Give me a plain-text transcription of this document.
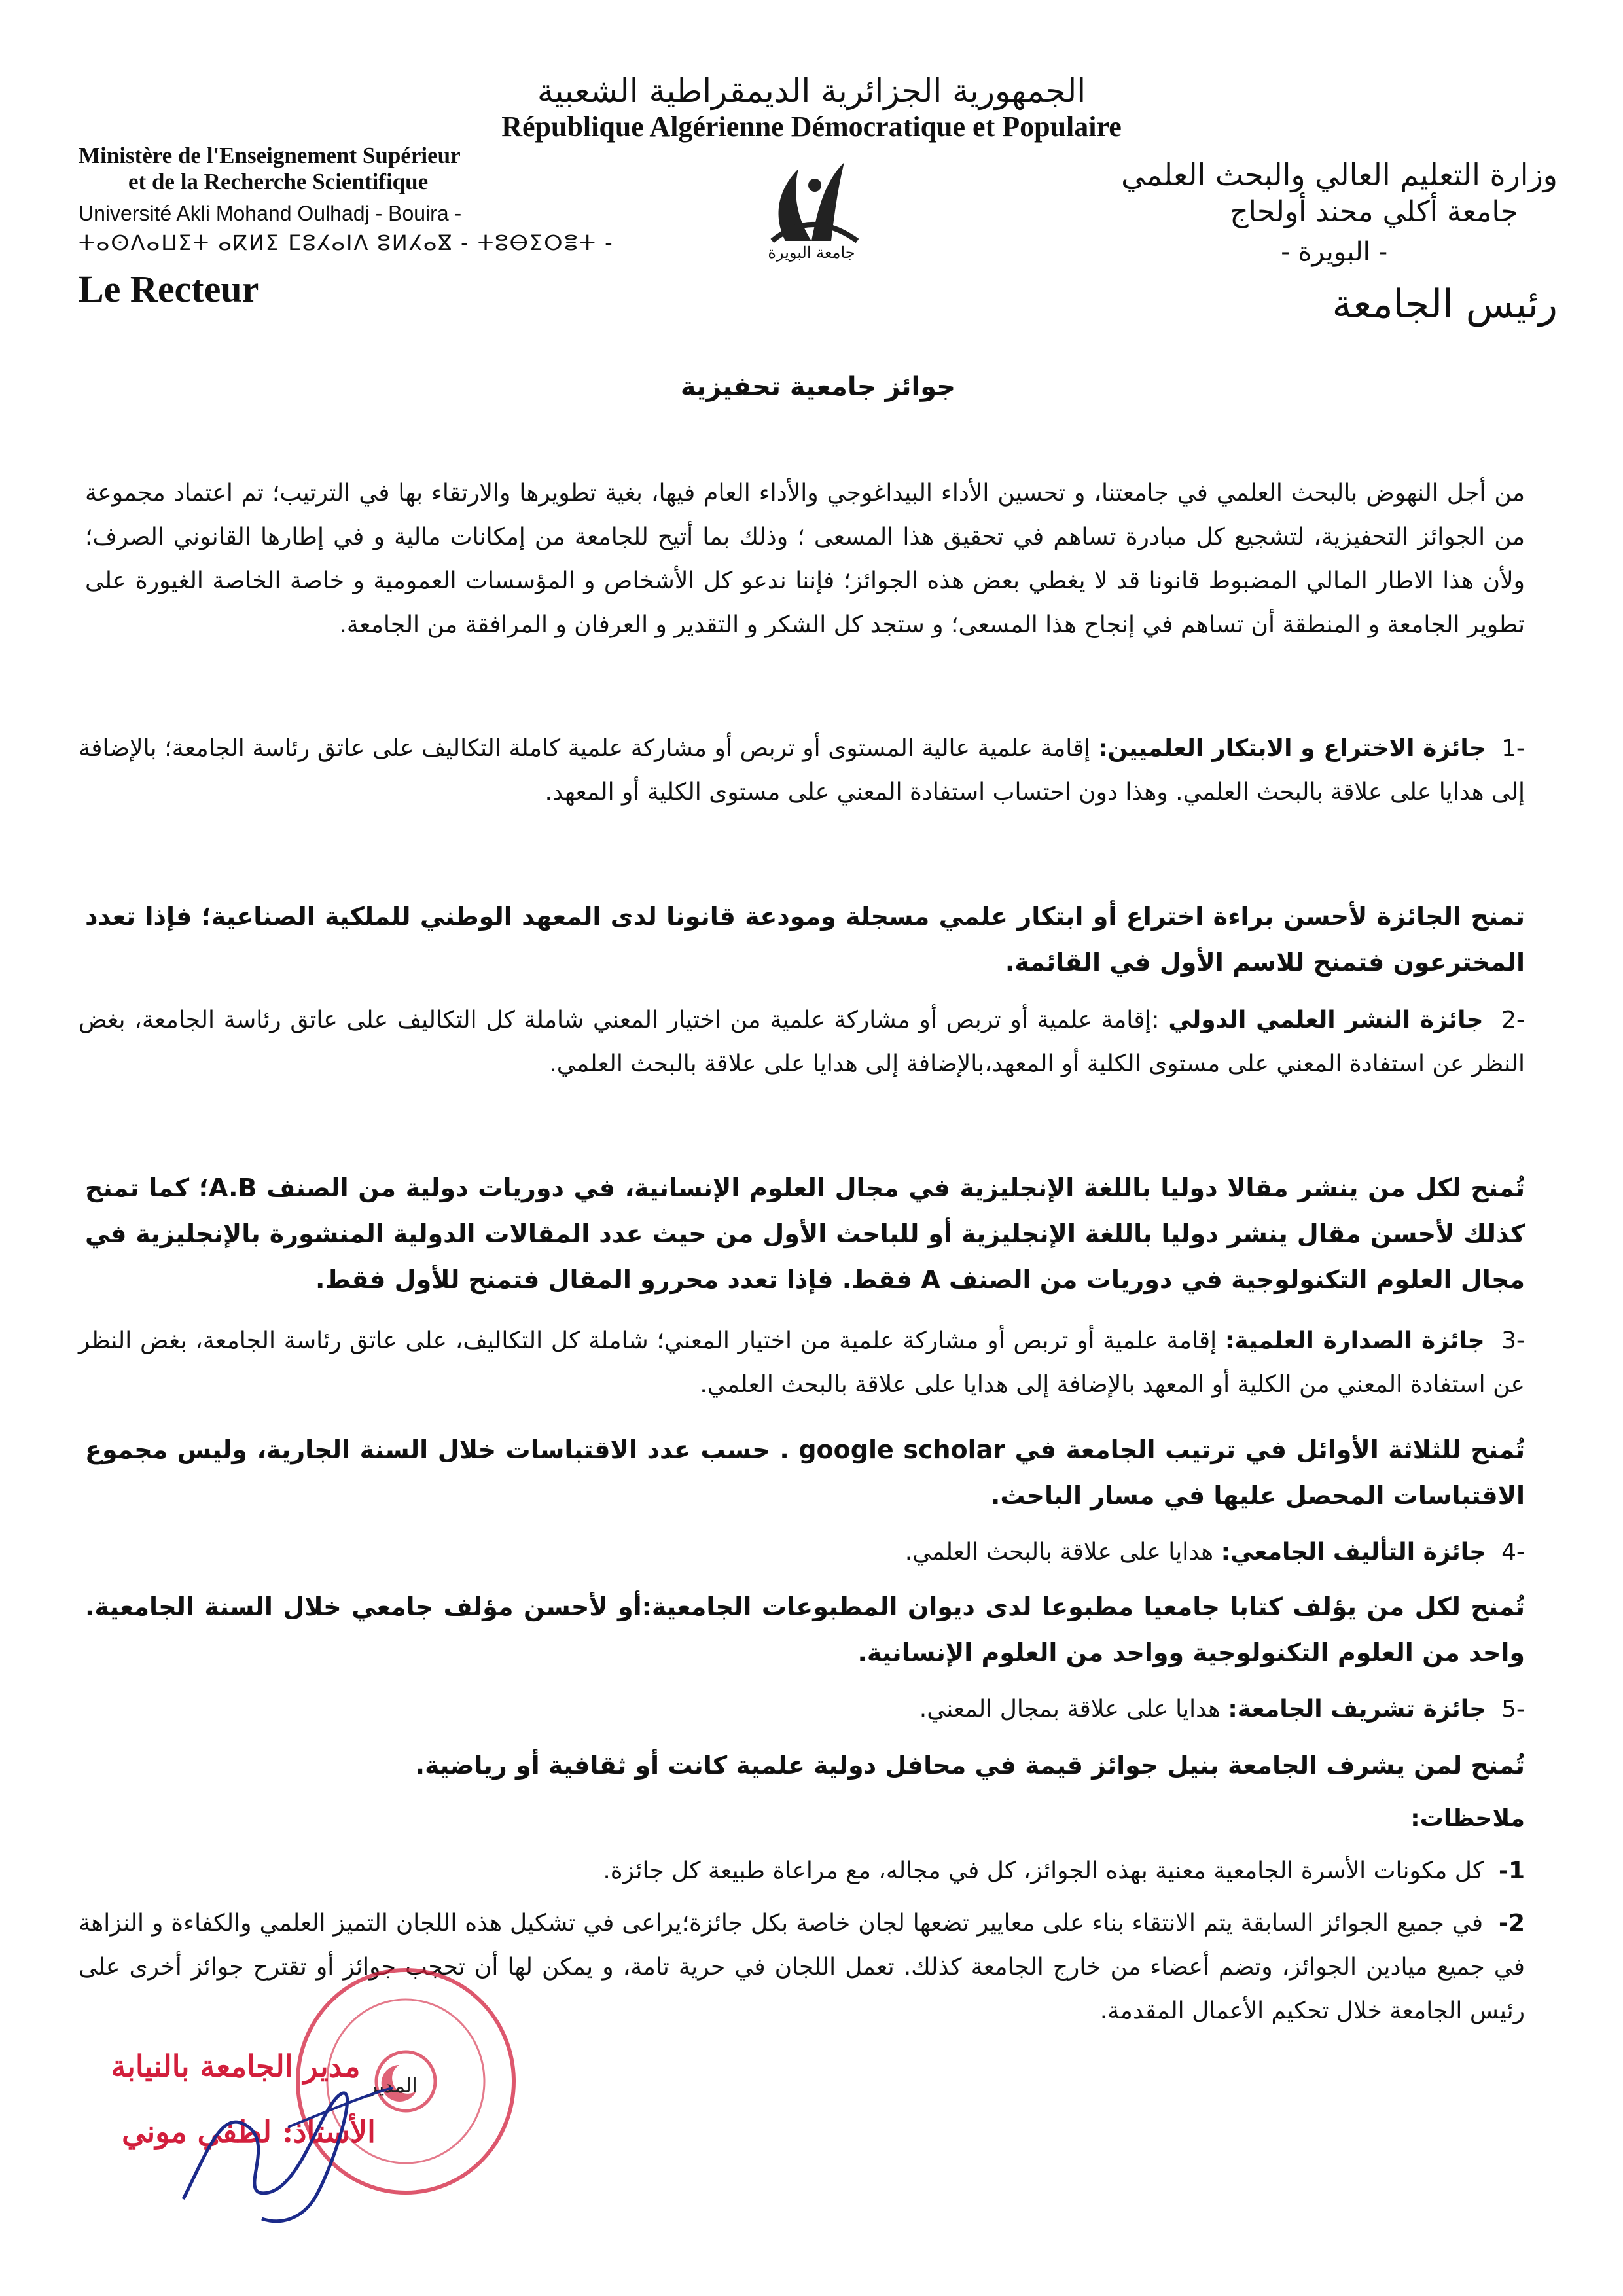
الجمهورية الجزائرية الديمقراطية الشعبية
République Algérienne Démocratique et Populaire
Ministère de l'Enseignement Supérieur
et de la Recherche Scientifique
Université Akli Mohand Oulhadj - Bouira -
ⵜⴰⵙⴷⴰⵡⵉⵜ ⴰⴽⵍⵉ ⵎⵓⵃⴰⵏⴷ ⵓⵍⵃⴰⴵ - ⵜⵓⴱⵉⵔⴻⵜ -
Le Recteur
جامعة البويرة
وزارة التعليم العالي والبحث العلمي
جامعة أكلي محند أولحاج
- البويرة -
رئيس الجامعة
جوائز جامعية تحفيزية
من أجل النهوض بالبحث العلمي في جامعتنا، و تحسين الأداء البيداغوجي والأداء العام فيها، بغية تطويرها والارتقاء بها في الترتيب؛ تم اعتماد مجموعة من الجوائز التحفيزية، لتشجيع كل مبادرة تساهم في تحقيق هذا المسعى ؛ وذلك بما أتيح للجامعة من إمكانات مالية و في إطارها القانوني الصرف؛ ولأن هذا الاطار المالي المضبوط قانونا قد لا يغطي بعض هذه الجوائز؛ فإننا ندعو كل الأشخاص و المؤسسات العمومية و خاصة الخاصة الغيورة على تطوير الجامعة و المنطقة أن تساهم في إنجاح هذا المسعى؛ و ستجد كل الشكر و التقدير و العرفان و المرافقة من الجامعة.
-1  جائزة الاختراع و الابتكار العلميين: إقامة علمية عالية المستوى أو تربص أو مشاركة علمية كاملة التكاليف على عاتق رئاسة الجامعة؛ بالإضافة إلى هدايا على علاقة بالبحث العلمي. وهذا دون احتساب استفادة المعني على مستوى الكلية أو المعهد.
تمنح الجائزة لأحسن براءة اختراع أو ابتكار علمي مسجلة ومودعة قانونا لدى المعهد الوطني للملكية الصناعية؛ فإذا تعدد المخترعون فتمنح للاسم الأول في القائمة.
-2  جائزة النشر العلمي الدولي :إقامة علمية أو تربص أو مشاركة علمية من اختيار المعني شاملة كل التكاليف على عاتق رئاسة الجامعة، بغض النظر عن استفادة المعني على مستوى الكلية أو المعهد،بالإضافة إلى هدايا على علاقة بالبحث العلمي.
تُمنح لكل من ينشر مقالا دوليا باللغة الإنجليزية في مجال العلوم الإنسانية، في دوريات دولية من الصنف A.B؛ كما تمنح كذلك لأحسن مقال ينشر دوليا باللغة الإنجليزية أو للباحث الأول من حيث عدد المقالات الدولية المنشورة بالإنجليزية في مجال العلوم التكنولوجية في دوريات من الصنف A فقط. فإذا تعدد محررو المقال فتمنح للأول فقط.
-3  جائزة الصدارة العلمية: إقامة علمية أو تربص أو مشاركة علمية من اختيار المعني؛ شاملة كل التكاليف، على عاتق رئاسة الجامعة، بغض النظر عن استفادة المعني من الكلية أو المعهد بالإضافة إلى هدايا على علاقة بالبحث العلمي.
تُمنح للثلاثة الأوائل في ترتيب الجامعة في google scholar . حسب عدد الاقتباسات خلال السنة الجارية، وليس مجموع الاقتباسات المحصل عليها في مسار الباحث.
-4  جائزة التأليف الجامعي: هدايا على علاقة بالبحث العلمي.
تُمنح لكل من يؤلف كتابا جامعيا مطبوعا لدى ديوان المطبوعات الجامعية:أو لأحسن مؤلف جامعي خلال السنة الجامعية. واحد من العلوم التكنولوجية وواحد من العلوم الإنسانية.
-5  جائزة تشريف الجامعة: هدايا على علاقة بمجال المعني.
تُمنح لمن يشرف الجامعة بنيل جوائز قيمة في محافل دولية علمية كانت أو ثقافية أو رياضية.
ملاحظات:
1-  كل مكونات الأسرة الجامعية معنية بهذه الجوائز، كل في مجاله، مع مراعاة طبيعة كل جائزة.
2-  في جميع الجوائز السابقة يتم الانتقاء بناء على معايير تضعها لجان خاصة بكل جائزة؛يراعى في تشكيل هذه اللجان التميز العلمي والكفاءة و النزاهة في جميع ميادين الجوائز، وتضم أعضاء من خارج الجامعة كذلك. تعمل اللجان في حرية تامة، و يمكن لها أن تحجب جوائز أو تقترح جوائز أخرى على رئيس الجامعة خلال تحكيم الأعمال المقدمة.
مدير الجامعة بالنيابة
الأستاذ: لطفي موني
المدير
